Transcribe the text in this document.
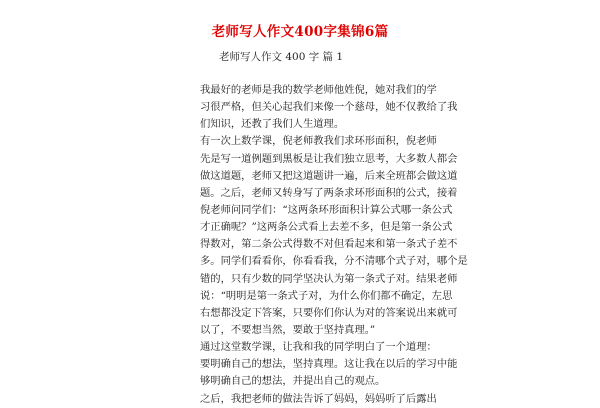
老师写人作文400字集锦6篇
老师写人作文 400 字 篇 1
我最好的老师是我的数学老师他姓倪，她对我们的学
习很严格，但关心起我们来像一个慈母，她不仅教给了我
们知识，还教了我们人生道理。
有一次上数学课，倪老师教我们求环形面积，倪老师
先是写一道例题到黑板是让我们独立思考，大多数人都会
做这道题，老师又把这道题讲一遍，后来全班都会做这道
题。之后，老师又转身写了两条求环形面积的公式，接着
倪老师问同学们：“这两条环形面积计算公式哪一条公式
才正确呢？”这两条公式看上去差不多，但是第一条公式
得数对，第二条公式得数不对但看起来和第一条式子差不
多。同学们看看你，你看看我，分不清哪个式子对，哪个是
错的，只有少数的同学坚决认为第一条式子对。结果老师
说：“明明是第一条式子对，为什么你们都不确定，左思
右想都没定下答案，只要你们你认为对的答案说出来就可
以了，不要想当然，要敢于坚持真理。”
通过这堂数学课，让我和我的同学明白了一个道理：
要明确自己的想法，坚持真理。这让我在以后的学习中能
够明确自己的想法，并提出自己的观点。
之后，我把老师的做法告诉了妈妈，妈妈听了后露出
